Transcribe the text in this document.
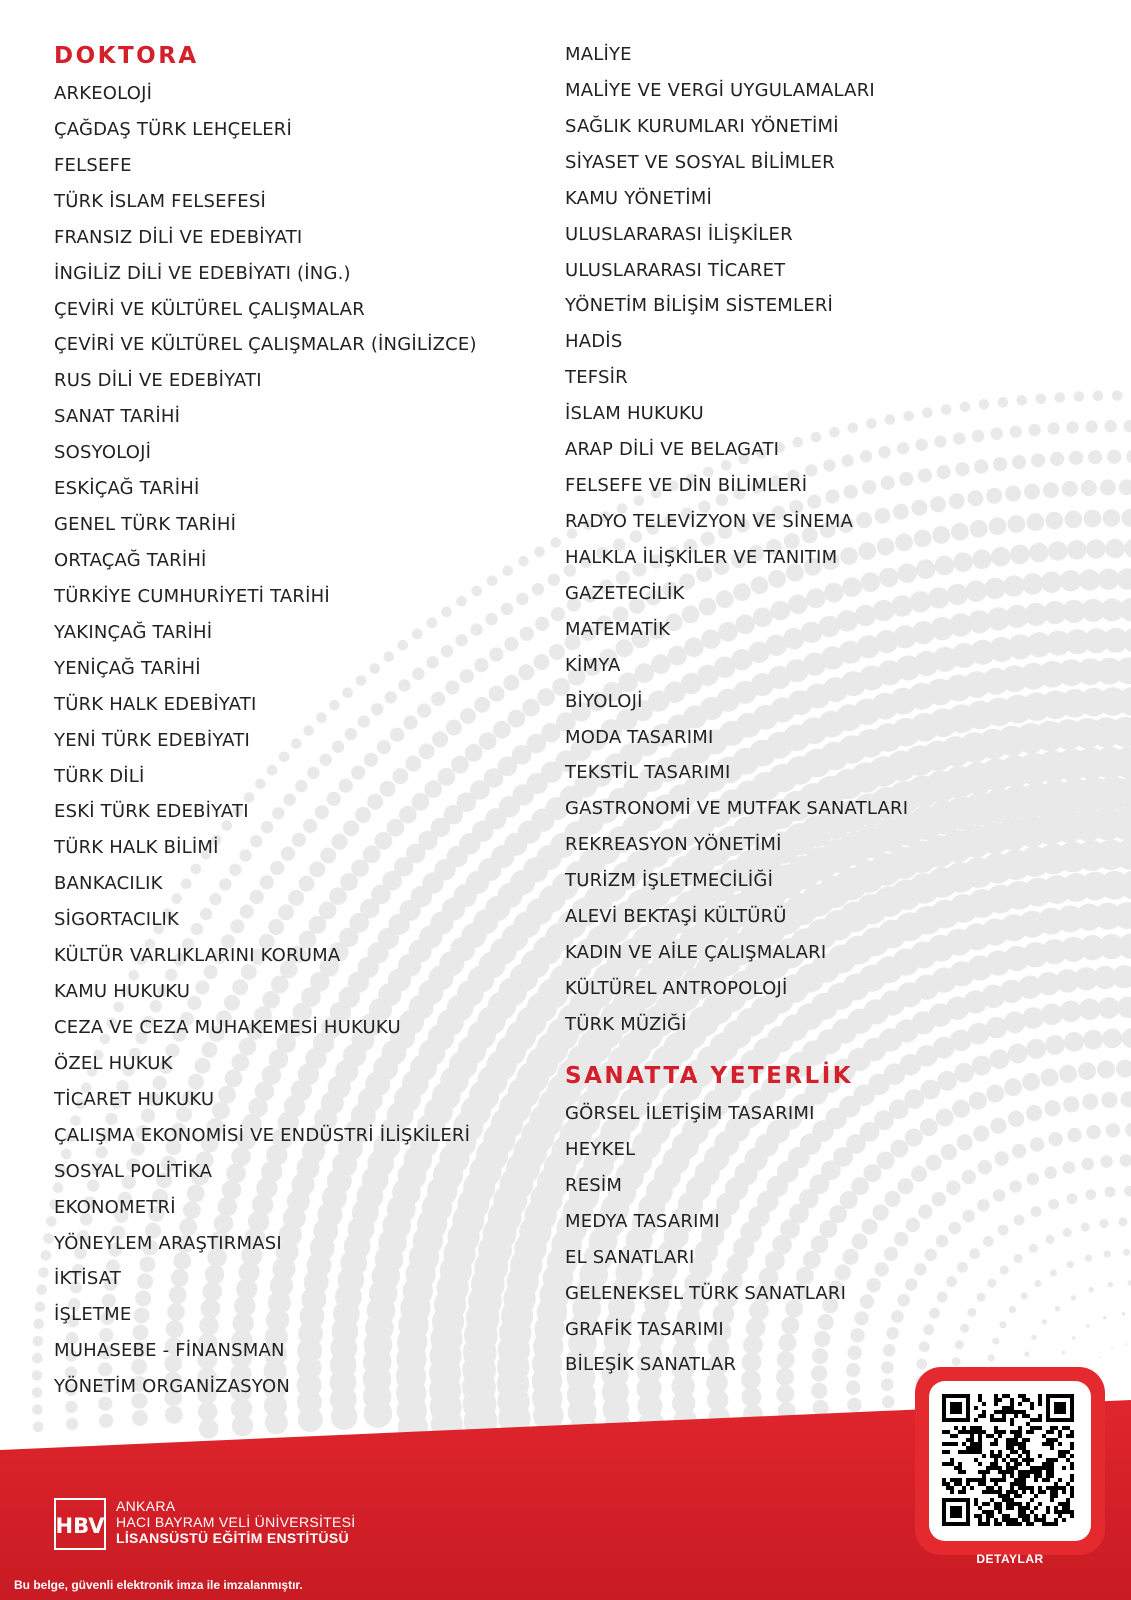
DOKTORA
ARKEOLOJİ
ÇAĞDAŞ TÜRK LEHÇELERİ
FELSEFE
TÜRK İSLAM FELSEFESİ
FRANSIZ DİLİ VE EDEBİYATI
İNGİLİZ DİLİ VE EDEBİYATI (İNG.)
ÇEVİRİ VE KÜLTÜREL ÇALIŞMALAR
ÇEVİRİ VE KÜLTÜREL ÇALIŞMALAR (İNGİLİZCE)
RUS DİLİ VE EDEBİYATI
SANAT TARİHİ
SOSYOLOJİ
ESKİÇAĞ TARİHİ
GENEL TÜRK TARİHİ
ORTAÇAĞ TARİHİ
TÜRKİYE CUMHURİYETİ TARİHİ
YAKINÇAĞ TARİHİ
YENİÇAĞ TARİHİ
TÜRK HALK EDEBİYATI
YENİ TÜRK EDEBİYATI
TÜRK DİLİ
ESKİ TÜRK EDEBİYATI
TÜRK HALK BİLİMİ
BANKACILIK
SİGORTACILIK
KÜLTÜR VARLIKLARINI KORUMA
KAMU HUKUKU
CEZA VE CEZA MUHAKEMESİ HUKUKU
ÖZEL HUKUK
TİCARET HUKUKU
ÇALIŞMA EKONOMİSİ VE ENDÜSTRİ İLİŞKİLERİ
SOSYAL POLİTİKA
EKONOMETRİ
YÖNEYLEM ARAŞTIRMASI
İKTİSAT
İŞLETME
MUHASEBE - FİNANSMAN
YÖNETİM ORGANİZASYON
MALİYE
MALİYE VE VERGİ UYGULAMALARI
SAĞLIK KURUMLARI YÖNETİMİ
SİYASET VE SOSYAL BİLİMLER
KAMU YÖNETİMİ
ULUSLARARASI İLİŞKİLER
ULUSLARARASI TİCARET
YÖNETİM BİLİŞİM SİSTEMLERİ
HADİS
TEFSİR
İSLAM HUKUKU
ARAP DİLİ VE BELAGATI
FELSEFE VE DİN BİLİMLERİ
RADYO TELEVİZYON VE SİNEMA
HALKLA İLİŞKİLER VE TANITIM
GAZETECİLİK
MATEMATİK
KİMYA
BİYOLOJİ
MODA TASARIMI
TEKSTİL TASARIMI
GASTRONOMİ VE MUTFAK SANATLARI
REKREASYON YÖNETİMİ
TURİZM İŞLETMECİLİĞİ
ALEVİ BEKTAŞİ KÜLTÜRÜ
KADIN VE AİLE ÇALIŞMALARI
KÜLTÜREL ANTROPOLOJİ
TÜRK MÜZİĞİ
SANATTA YETERLİK
GÖRSEL İLETİŞİM TASARIMI
HEYKEL
RESİM
MEDYA TASARIMI
EL SANATLARI
GELENEKSEL TÜRK SANATLARI
GRAFİK TASARIMI
BİLEŞİK SANATLAR
HBV
ANKARA
HACI BAYRAM VELİ ÜNİVERSİTESİ
LİSANSÜSTÜ EĞİTİM ENSTİTÜSÜ
DETAYLAR
Bu belge, güvenli elektronik imza ile imzalanmıştır.
